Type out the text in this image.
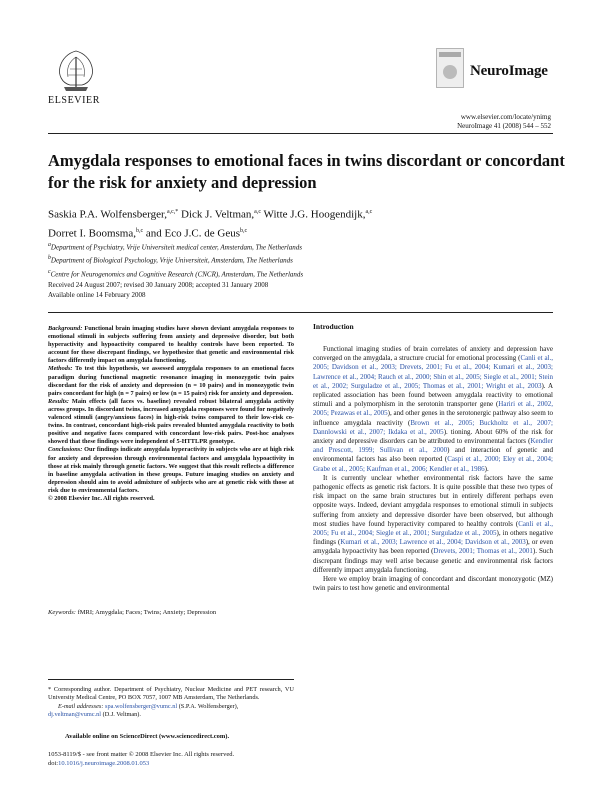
ELSEVIER
NeuroImage
www.elsevier.com/locate/ynimg
NeuroImage 41 (2008) 544 – 552
Amygdala responses to emotional faces in twins discordant or concordant for the risk for anxiety and depression
Saskia P.A. Wolfensberger,$^{a,c,*}$ Dick J. Veltman,$^{a,c}$ Witte J.G. Hoogendijk,$^{a,c}$
Dorret I. Boomsma,$^{b,c}$ and Eco J.C. de Geus$^{b,c}$
$^a$Department of Psychiatry, Vrije Universiteit medical center, Amsterdam, The Netherlands
$^b$Department of Biological Psychology, Vrije Universiteit, Amsterdam, The Netherlands
$^c$Centre for Neurogenomics and Cognitive Research (CNCR), Amsterdam, The Netherlands
Received 24 August 2007; revised 30 January 2008; accepted 31 January 2008
Available online 14 February 2008

Background: Functional brain imaging studies have shown deviant amygdala responses to emotional stimuli in subjects suffering from anxiety and depressive disorder, but both hyperactivity and hypoactivity compared to healthy controls have been reported. To account for these discrepant findings, we hypothesize that genetic and environmental risk factors differently impact on amygdala functioning.

Methods: To test this hypothesis, we assessed amygdala responses to an emotional faces paradigm during functional magnetic resonance imaging in monozygotic twin pairs discordant for the risk of anxiety and depression (n = 10 pairs) and in monozygotic twin pairs concordant for high (n = 7 pairs) or low (n = 15 pairs) risk for anxiety and depression.

Results: Main effects (all faces vs. baseline) revealed robust bilateral amygdala activity across groups. In discordant twins, increased amygdala responses were found for negatively valenced stimuli (angry/anxious faces) in high-risk twins compared to their low-risk co-twins. In contrast, concordant high-risk pairs revealed blunted amygdala reactivity to both positive and negative faces compared with concordant low-risk pairs. Post-hoc analyses showed that these findings were independent of 5-HTTLPR genotype.

Conclusions: Our findings indicate amygdala hyperactivity in subjects who are at high risk for anxiety and depression through environmental factors and amygdala hypoactivity in those at risk mainly through genetic factors. We suggest that this result reflects a difference in baseline amygdala activation in these groups. Future imaging studies on anxiety and depression should aim to avoid admixture of subjects who are at genetic risk with those at risk due to environmental factors.

© 2008 Elsevier Inc. All rights reserved.

Keywords: fMRI; Amygdala; Faces; Twins; Anxiety; Depression

* Corresponding author. Department of Psychiatry, Nuclear Medicine and PET research, VU University Medical Centre, PO BOX 7057, 1007 MB Amsterdam, The Netherlands.

E-mail addresses: spa.wolfensberger@vumc.nl (S.P.A. Wolfensberger),
dj.veltman@vumc.nl (D.J. Veltman).

Available online on ScienceDirect (www.sciencedirect.com).
1053-8119/$ - see front matter © 2008 Elsevier Inc. All rights reserved.
doi:10.1016/j.neuroimage.2008.01.053
Introduction

Functional imaging studies of brain correlates of anxiety and depression have converged on the amygdala, a structure crucial for emotional processing (Canli et al., 2005; Davidson et al., 2003; Drevets, 2001; Fu et al., 2004; Kumari et al., 2003; Lawrence et al., 2004; Rauch et al., 2000; Shin et al., 2005; Siegle et al., 2001; Stein et al., 2002; Surguladze et al., 2005; Thomas et al., 2001; Wright et al., 2003). A replicated association has been found between amygdala reactivity to emotional stimuli and a polymorphism in the serotonin transporter gene (Hariri et al., 2002, 2005; Pezawas et al., 2005), and other genes in the serotonergic pathway also seem to influence amygdala reactivity (Brown et al., 2005; Buckholtz et al., 2007; Dannlowski et al., 2007; Ikdaka et al., 2005). tioning. About 60% of the risk for anxiety and depressive disorders can be attributed to environmental factors (Kendler and Prescott, 1999; Sullivan et al., 2000) and interaction of genetic and environmental factors has also been reported (Caspi et al., 2000; Eley et al., 2004; Grabe et al., 2005; Kaufman et al., 2006; Kendler et al., 1986).

It is currently unclear whether environmental risk factors have the same pathogenic effects as genetic risk factors. It is quite possible that these two types of risk impact on the same brain structures but in entirely different perhaps even opposite ways. Indeed, deviant amygdala responses to emotional stimuli in subjects suffering from anxiety and depressive disorder have been observed, but although most studies have found hyperactivity compared to healthy controls (Canli et al., 2005; Fu et al., 2004; Siegle et al., 2001; Surguladze et al., 2005), in others negative findings (Kumari et al., 2003; Lawrence et al., 2004; Davidson et al., 2003), or even amygdala hypoactivity has been reported (Drevets, 2001; Thomas et al., 2001). Such discrepant findings may well arise because genetic and environmental risk factors differently impact amygdala functioning.

Here we employ brain imaging of concordant and discordant monozygotic (MZ) twin pairs to test how genetic and environmental
